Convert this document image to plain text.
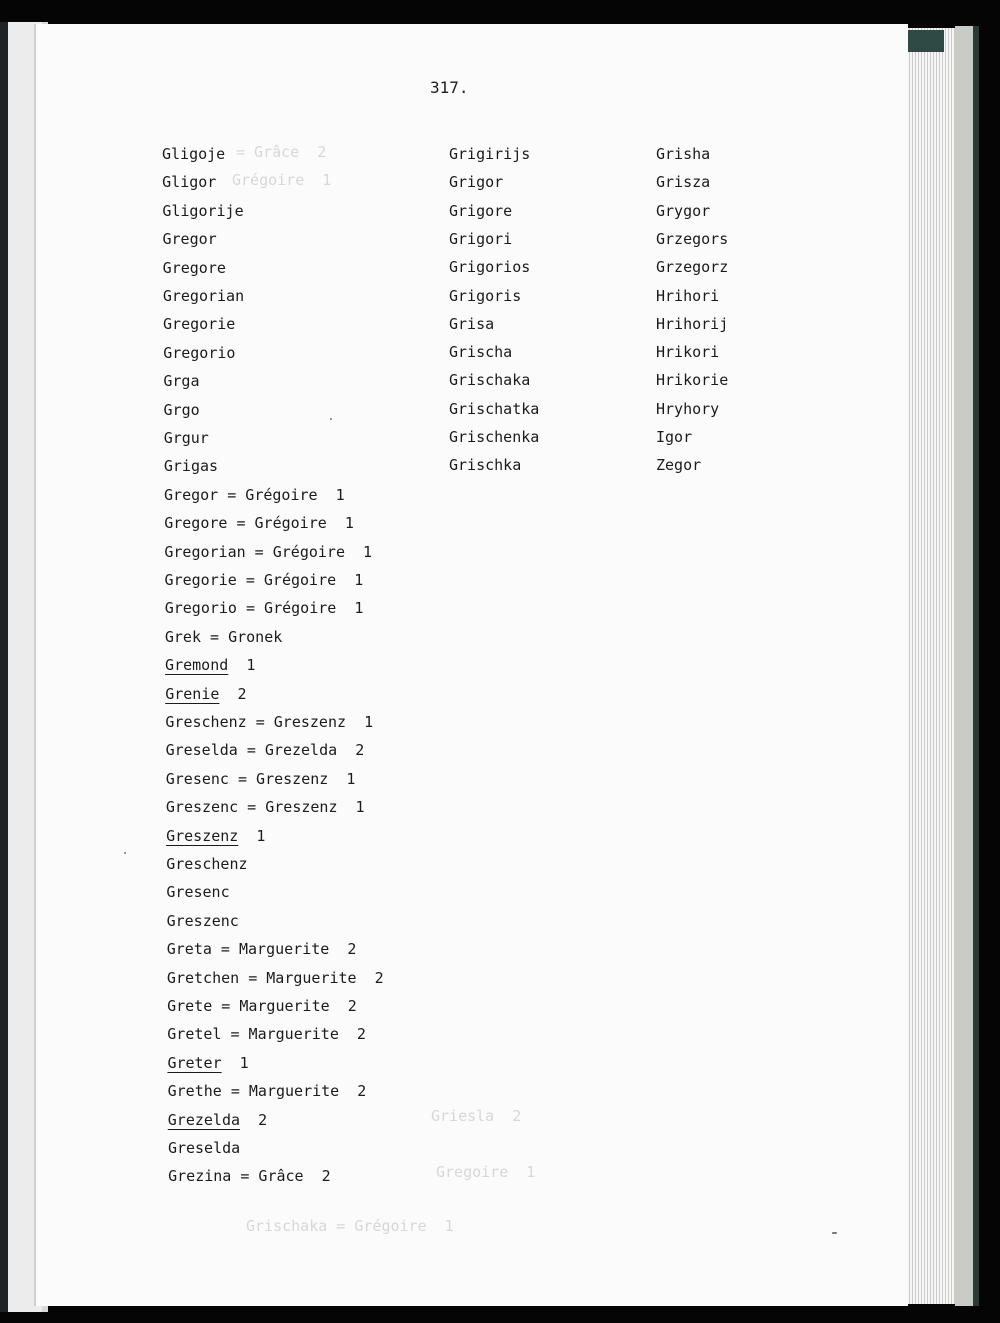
= Grâce  2
Grégoire  1
Grischaka = Grégoire  1
Griesla  2
Gregoire  1
317.
Gligoje
Gligor
Gligorije
Gregor
Gregore
Gregorian
Gregorie
Gregorio
Grga
Grgo
Grgur
Grigas
Gregor = Grégoire  1
Gregore = Grégoire  1
Gregorian = Grégoire  1
Gregorie = Grégoire  1
Gregorio = Grégoire  1
Grek = Gronek
Gremond  1
Grenie  2
Greschenz = Greszenz  1
Greselda = Grezelda  2
Gresenc = Greszenz  1
Greszenc = Greszenz  1
Greszenz  1
Greschenz
Gresenc
Greszenc
Greta = Marguerite  2
Gretchen = Marguerite  2
Grete = Marguerite  2
Gretel = Marguerite  2
Greter  1
Grethe = Marguerite  2
Grezelda  2
Greselda
Grezina = Grâce  2
Grigirijs
Grigor
Grigore
Grigori
Grigorios
Grigoris
Grisa
Grischa
Grischaka
Grischatka
Grischenka
Grischka
Grisha
Grisza
Grygor
Grzegors
Grzegorz
Hrihori
Hrihorij
Hrikori
Hrikorie
Hryhory
Igor
Zegor
